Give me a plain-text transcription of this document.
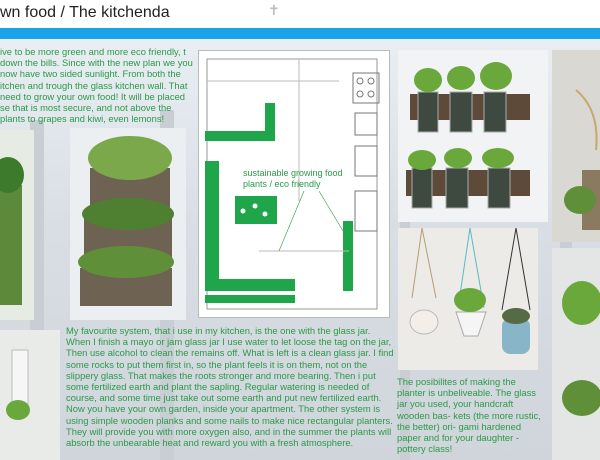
wn food / The kitchenda	✝
ive to be more green and more eco friendly, t down the bills. Since with the new plan we you now have two sided sunlight. From both the itchen and trough the glass kitchen wall. That need to grow your own food! It will be placed se that is most secure, and not above the plants to grapes and kiwi, even lemons!
sustainable growing food plants / eco friendly
My favourite system, that i use in my kitchen, is the one with the glass jar. When I finish a mayo or jam glass jar I use water to let loose the tag on the jar, Then use alcohol to clean the remains off. What is left is a clean glass jar. I find some rocks to put them first in, so the plant feels it is on them, not on the slippery glass. That makes the roots stronger and more bearing. Then i put some fertilized earth and plant the sapling. Regular watering is needed of course, and some time just take out some earth and put new fertilized earth. Now you have your own garden, inside your apartment. The other system is using simple wooden planks and some nails to make nice rectangular planters. They will provide you with more oxygen also, and in the summer the plants will absorb the unbearable heat and reward you with a fresh atmosphere.
The posibilites of making the planter is unbeliveable. The glass jar you used, your handcraft wooden bas- kets (the more rustic, the better) ori- gami hardened paper and for your daughter - pottery class!
